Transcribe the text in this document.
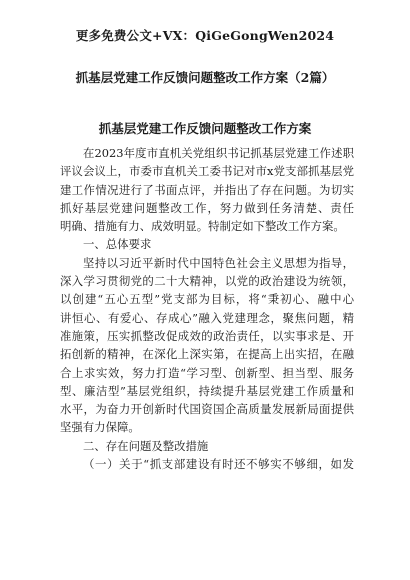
更多免费公文+VX：QiGeGongWen2024
抓基层党建工作反馈问题整改工作方案（2篇）
抓基层党建工作反馈问题整改工作方案
在2023年度市直机关党组织书记抓基层党建工作述职
评议会议上，市委市直机关工委书记对市x党支部抓基层党
建工作情况进行了书面点评，并指出了存在问题。为切实
抓好基层党建问题整改工作，努力做到任务清楚、责任
明确、措施有力、成效明显。特制定如下整改工作方案。
一、总体要求
坚持以习近平新时代中国特色社会主义思想为指导，
深入学习贯彻党的二十大精神，以党的政治建设为统领，
以创建“五心五型”党支部为目标，将“秉初心、融中心
讲恒心、有爱心、存成心”融入党建理念，聚焦问题，精
准施策，压实抓整改促成效的政治责任，以实事求是、开
拓创新的精神，在深化上深实第，在提高上出实招，在融
合上求实效，努力打造“学习型、创新型、担当型、服务
型、廉洁型”基层党组织，持续提升基层党建工作质量和
水平，为奋力开创新时代国资国企高质量发展新局面提供
坚强有力保障。
二、存在问题及整改措施
（一）关于“抓支部建设有时还不够实不够细，如发
